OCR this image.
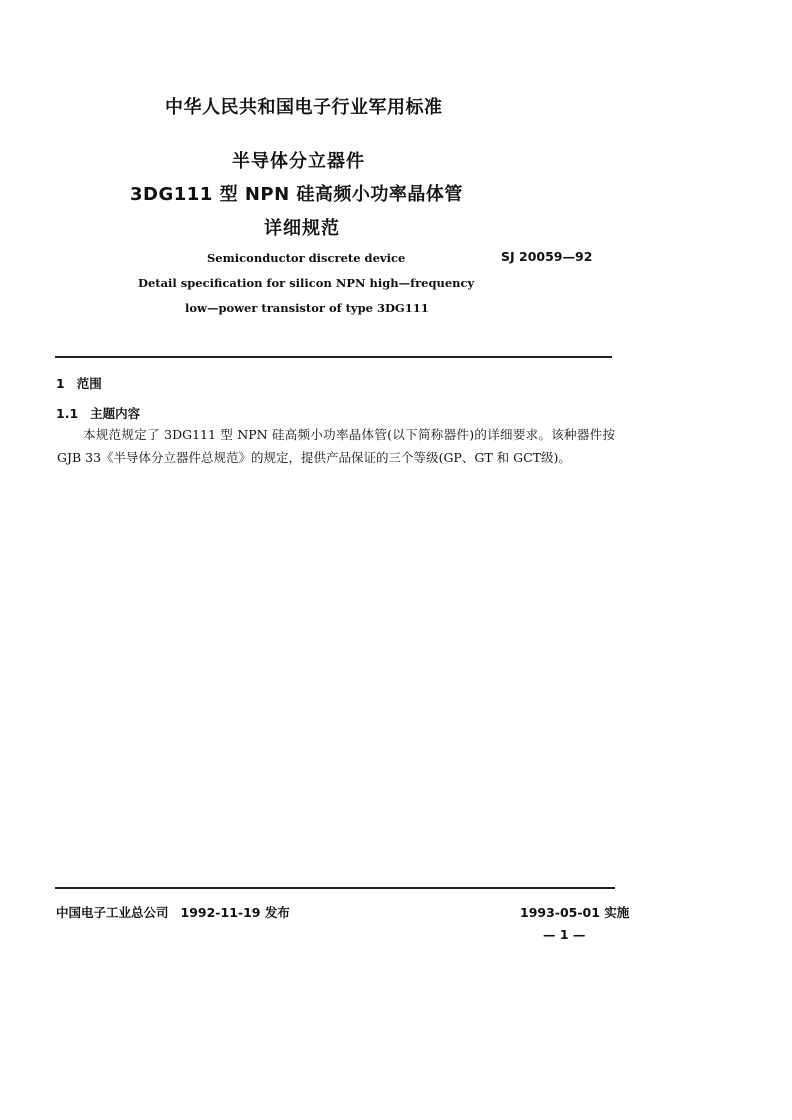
中华人民共和国电子行业军用标准
半导体分立器件
3DG111 型 NPN 硅高频小功率晶体管
详细规范
Semiconductor discrete device
Detail specification for silicon NPN high—frequency
low—power transistor of type 3DG111
SJ 20059—92
1 范围
1.1 主题内容

本规范规定了 3DG111 型 NPN 硅高频小功率晶体管(以下简称器件)的详细要求。该种器件按 GJB 33《半导体分立器件总规范》的规定，提供产品保证的三个等级(GP、GT 和 GCT级)。

中国电子工业总公司 1992-11-19 发布	1993-05-01 实施
— 1 —
